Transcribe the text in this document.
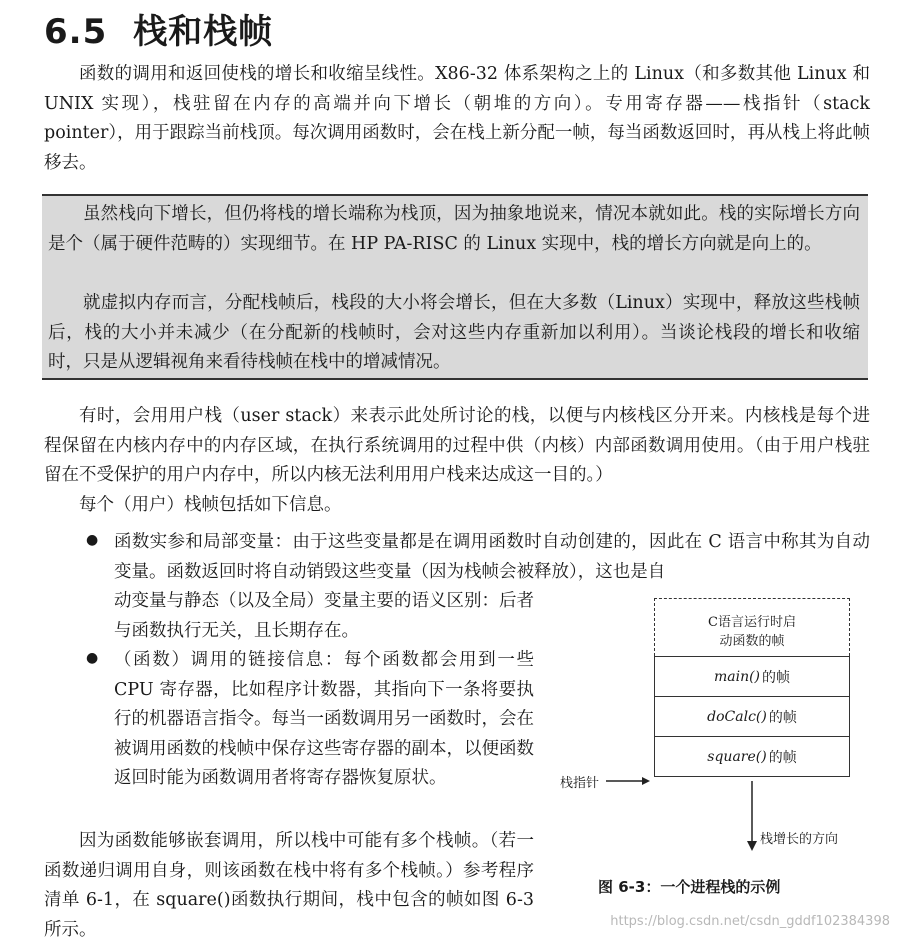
6.5 栈和栈帧

函数的调用和返回使栈的增长和收缩呈线性。X86-32 体系架构之上的 Linux（和多数其他 Linux 和 UNIX 实现），栈驻留在内存的高端并向下增长（朝堆的方向）。专用寄存器——栈指针（stack pointer），用于跟踪当前栈顶。每次调用函数时，会在栈上新分配一帧，每当函数返回时，再从栈上将此帧移去。

虽然栈向下增长，但仍将栈的增长端称为栈顶，因为抽象地说来，情况本就如此。栈的实际增长方向是个（属于硬件范畴的）实现细节。在 HP PA-RISC 的 Linux 实现中，栈的增长方向就是向上的。

就虚拟内存而言，分配栈帧后，栈段的大小将会增长，但在大多数（Linux）实现中，释放这些栈帧后，栈的大小并未减少（在分配新的栈帧时，会对这些内存重新加以利用）。当谈论栈段的增长和收缩时，只是从逻辑视角来看待栈帧在栈中的增减情况。

有时，会用用户栈（user stack）来表示此处所讨论的栈，以便与内核栈区分开来。内核栈是每个进程保留在内核内存中的内存区域，在执行系统调用的过程中供（内核）内部函数调用使用。（由于用户栈驻留在不受保护的用户内存中，所以内核无法利用用户栈来达成这一目的。）

每个（用户）栈帧包括如下信息。

● 函数实参和局部变量：由于这些变量都是在调用函数时自动创建的，因此在 C 语言中称其为自动变量。函数返回时将自动销毁这些变量（因为栈帧会被释放），这也是自

动变量与静态（以及全局）变量主要的语义区别：后者与函数执行无关，且长期存在。

● （函数）调用的链接信息：每个函数都会用到一些 CPU 寄存器，比如程序计数器，其指向下一条将要执行的机器语言指令。每当一函数调用另一函数时，会在被调用函数的栈帧中保存这些寄存器的副本，以便函数返回时能为函数调用者将寄存器恢复原状。

因为函数能够嵌套调用，所以栈中可能有多个栈帧。（若一函数递归调用自身，则该函数在栈中将有多个栈帧。）参考程序清单 6-1，在 square()函数执行期间，栈中包含的帧如图 6-3 所示。

C语言运行时启
动函数的帧
main() 的帧
doCalc() 的帧
square() 的帧
栈指针
栈增长的方向
图 6-3：一个进程栈的示例
https://blog.csdn.net/csdn_gddf102384398
